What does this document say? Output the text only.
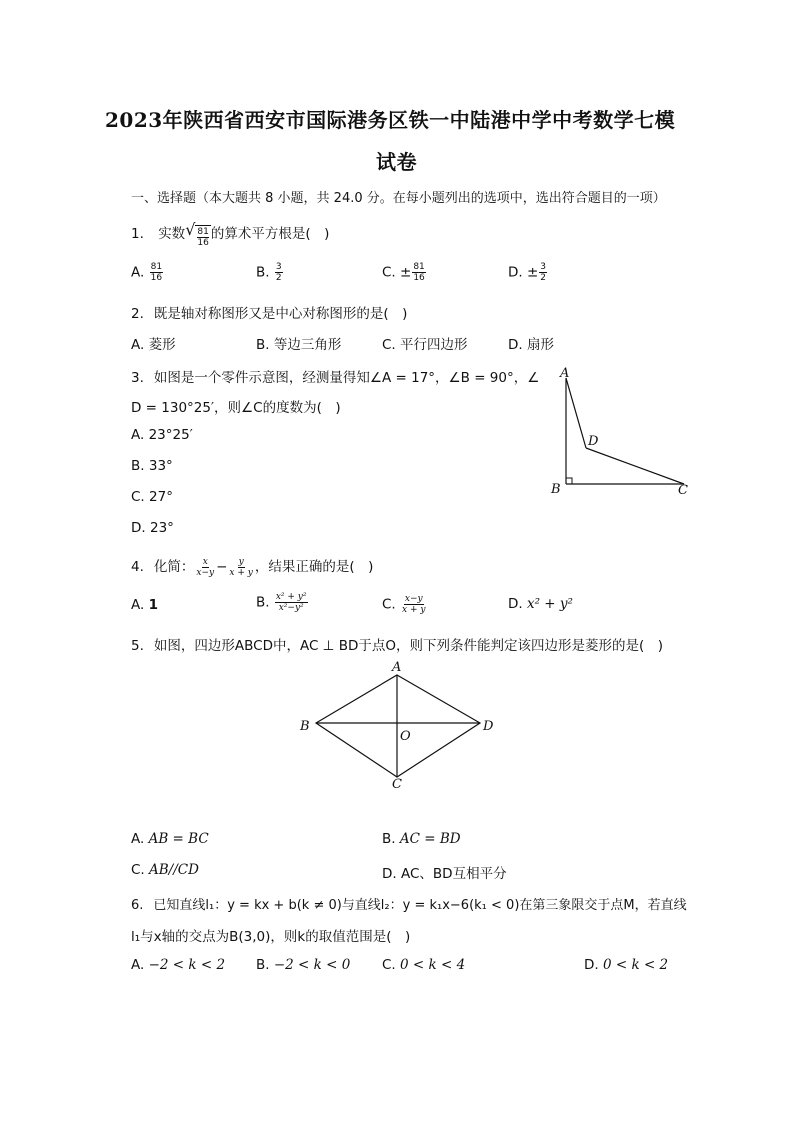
2023年陕西省西安市国际港务区铁一中陆港中学中考数学七模
试卷
一、选择题（本大题共 8 小题，共 24.0 分。在每小题列出的选项中，选出符合题目的一项）
1. 实数√ $\frac{81}{16}$ 的算术平方根是(　)
A. $\frac{81}{16}$	B. $\frac{3}{2}$	C. ± $\frac{81}{16}$	D. ± $\frac{3}{2}$
2. 既是轴对称图形又是中心对称图形的是(　)
A. 菱形	B. 等边三角形	C. 平行四边形	D. 扇形
3. 如图是一个零件示意图，经测量得知∠A = 17°，∠B = 90°，∠
D = 130°25′，则∠C的度数为(　)
A. 23°25′
B. 33°
C. 27°
D. 23°
A
D
B	C
4. 化简： $\frac{x}{x-y} - \frac{y}{x + y}$ ，结果正确的是(　)
A. 1	B. $\frac{\text{x² + y²}}{\text{x²−y²}}$	C. $\frac{x-y}{x + y}$	D. x² + y²
5. 如图，四边形ABCD中，AC ⊥ BD于点O，则下列条件能判定该四边形是菱形的是(　)
A
B	D
O
C
A. AB = BC	B. AC = BD
C. AB//CD	D. AC、BD互相平分
6. 已知直线l₁：y = kx + b(k ≠ 0)与直线l₂：y = k₁x−6(k₁ < 0)在第三象限交于点M，若直线
l₁与x轴的交点为B(3,0)，则k的取值范围是(　)
A. −2 < k < 2 B. −2 < k < 0 C. 0 < k < 4	D. 0 < k < 2
